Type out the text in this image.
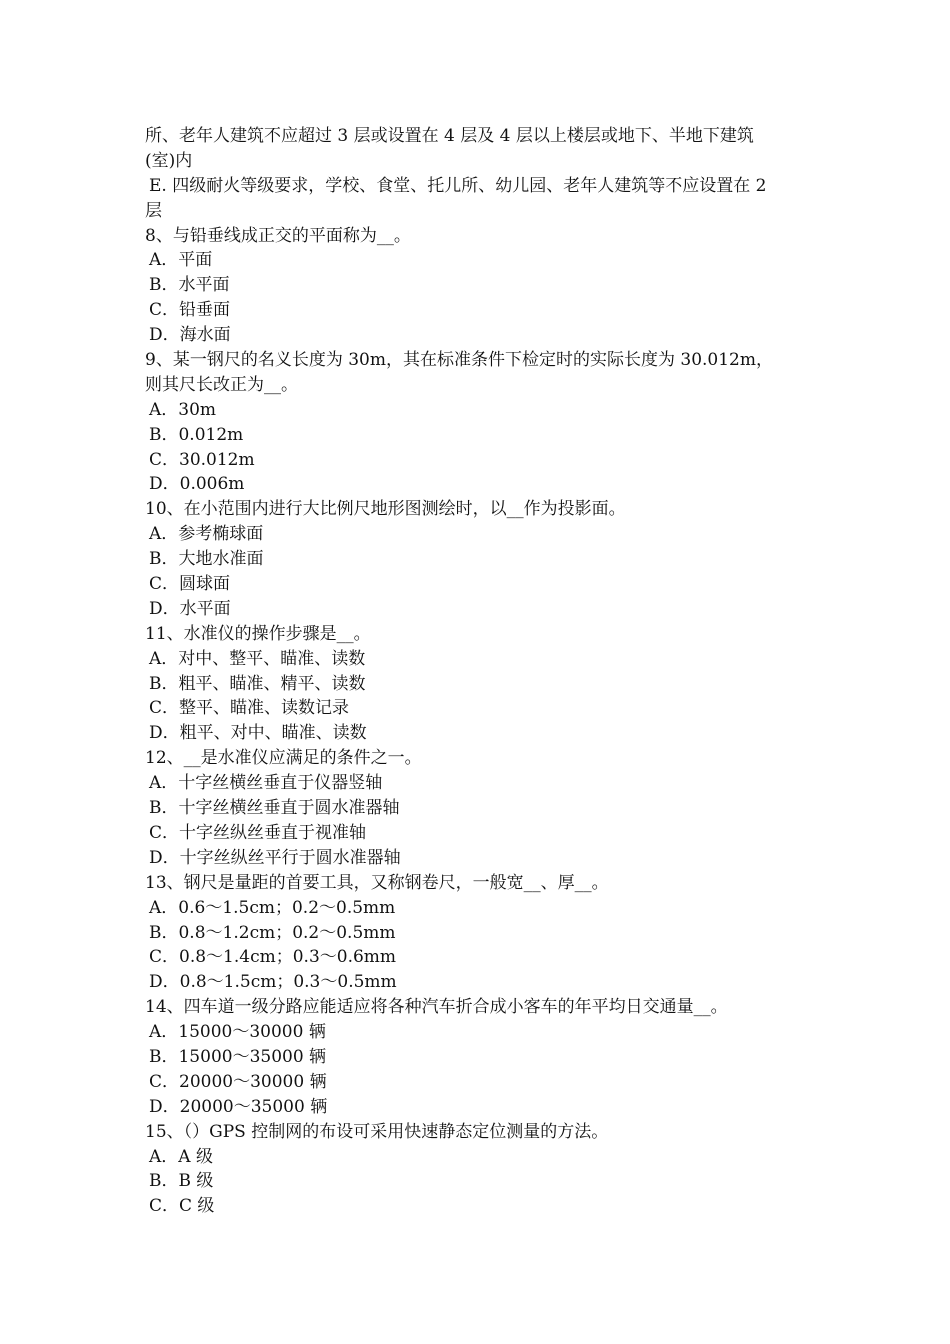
所、老年人建筑不应超过 3 层或设置在 4 层及 4 层以上楼层或地下、半地下建筑
(室)内
E. 四级耐火等级要求，学校、食堂、托儿所、幼儿园、老年人建筑等不应设置在 2
层
8、与铅垂线成正交的平面称为__。
A．平面
B．水平面
C．铅垂面
D．海水面
9、某一钢尺的名义长度为 30m，其在标准条件下检定时的实际长度为 30.012m，
则其尺长改正为__。
A．30m
B．0.012m
C．30.012m
D．0.006m
10、在小范围内进行大比例尺地形图测绘时，以__作为投影面。
A．参考椭球面
B．大地水准面
C．圆球面
D．水平面
11、水准仪的操作步骤是__。
A．对中、整平、瞄准、读数
B．粗平、瞄准、精平、读数
C．整平、瞄准、读数记录
D．粗平、对中、瞄准、读数
12、__是水准仪应满足的条件之一。
A．十字丝横丝垂直于仪器竖轴
B．十字丝横丝垂直于圆水准器轴
C．十字丝纵丝垂直于视准轴
D．十字丝纵丝平行于圆水准器轴
13、钢尺是量距的首要工具，又称钢卷尺，一般宽__、厚__。
A．0.6～1.5cm；0.2～0.5mm
B．0.8～1.2cm；0.2～0.5mm
C．0.8～1.4cm；0.3～0.6mm
D．0.8～1.5cm；0.3～0.5mm
14、四车道一级分路应能适应将各种汽车折合成小客车的年平均日交通量__。
A．15000～30000 辆
B．15000～35000 辆
C．20000～30000 辆
D．20000～35000 辆
15、（）GPS 控制网的布设可采用快速静态定位测量的方法。
A．A 级
B．B 级
C．C 级
